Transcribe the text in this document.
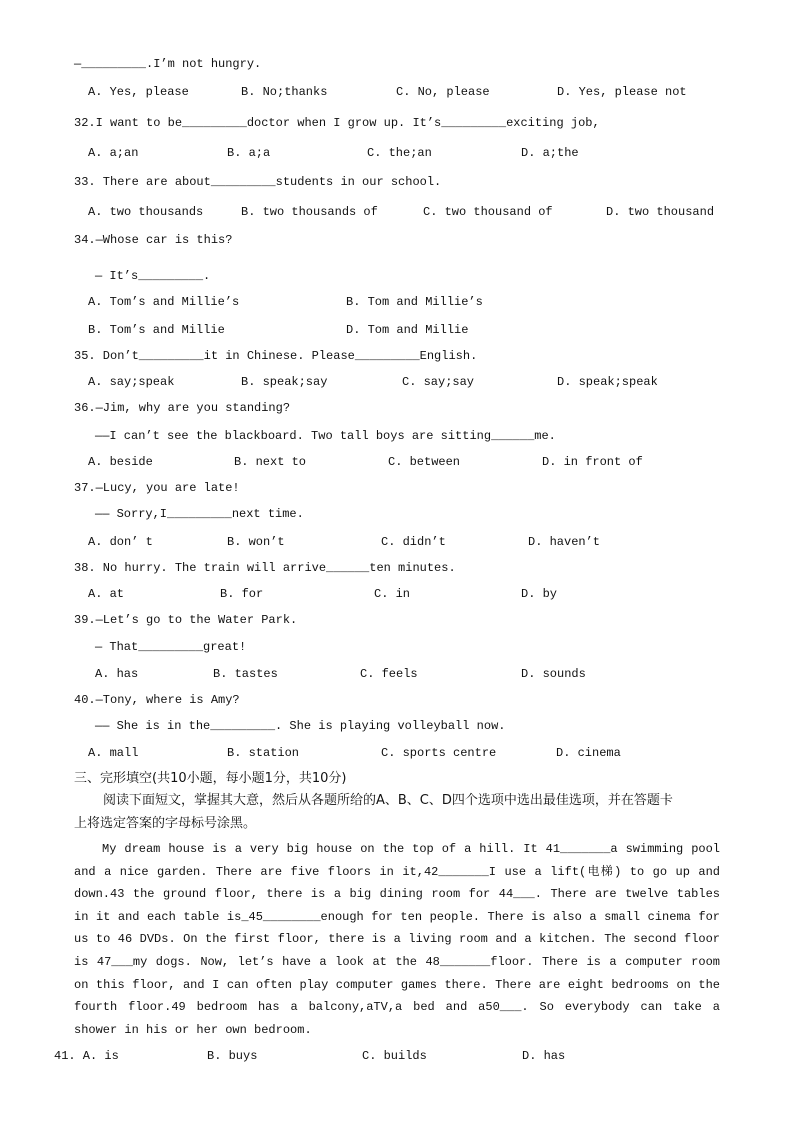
—_________.I’m not hungry.
A. Yes, please	B. No;thanks	C. No, please	D. Yes, please not
32.I want to be_________doctor when I grow up. It’s_________exciting job,
A. a;an	B. a;a	C. the;an	D. a;the
33. There are about_________students in our school.
A. two thousands	B. two thousands of	C. two thousand of	D. two thousand
34.—Whose car is this?
— It’s_________.
A. Tom’s and Millie’s	B. Tom and Millie’s
B. Tom’s and Millie	D. Tom and Millie
35. Don’t_________it in Chinese. Please_________English.
A. say;speak	B. speak;say	C. say;say	D. speak;speak
36.—Jim, why are you standing?
——I can’t see the blackboard. Two tall boys are sitting______me.
A. beside	B. next to	C. between	D. in front of
37.—Lucy, you are late!
—— Sorry,I_________next time.
A. don’ t	B. won’t	C. didn’t	D. haven’t
38. No hurry. The train will arrive______ten minutes.
A. at	B. for	C. in	D. by
39.—Let’s go to the Water Park.
— That_________great!
A. has	B. tastes	C. feels	D. sounds
40.—Tony, where is Amy?
—— She is in the_________. She is playing volleyball now.
A. mall	B. station	C. sports centre	D. cinema
三、完形填空(共10小题，每小题1分，共10分)
阅读下面短文，掌握其大意，然后从各题所给的A、B、C、D四个选项中选出最佳选项，并在答题卡
上将选定答案的字母标号涂黑。
My dream house is a very big house on the top of a hill. It 41_______a swimming pool and a nice garden. There are five floors in it,42_______I use a lift(电梯) to go up and down.43 the ground floor, there is a big dining room for 44___. There are twelve tables in it and each table is_45________enough for ten people. There is also a small cinema for us to 46 DVDs. On the first floor, there is a living room and a kitchen. The second floor is 47___my dogs. Now, let’s have a look at the 48_______floor. There is a computer room on this floor, and I can often play computer games there. There are eight bedrooms on the fourth floor.49 bedroom has a balcony,aTV,a bed and a50___. So everybody can take a shower in his or her own bedroom.
41. A. is	B. buys	C. builds	D. has
